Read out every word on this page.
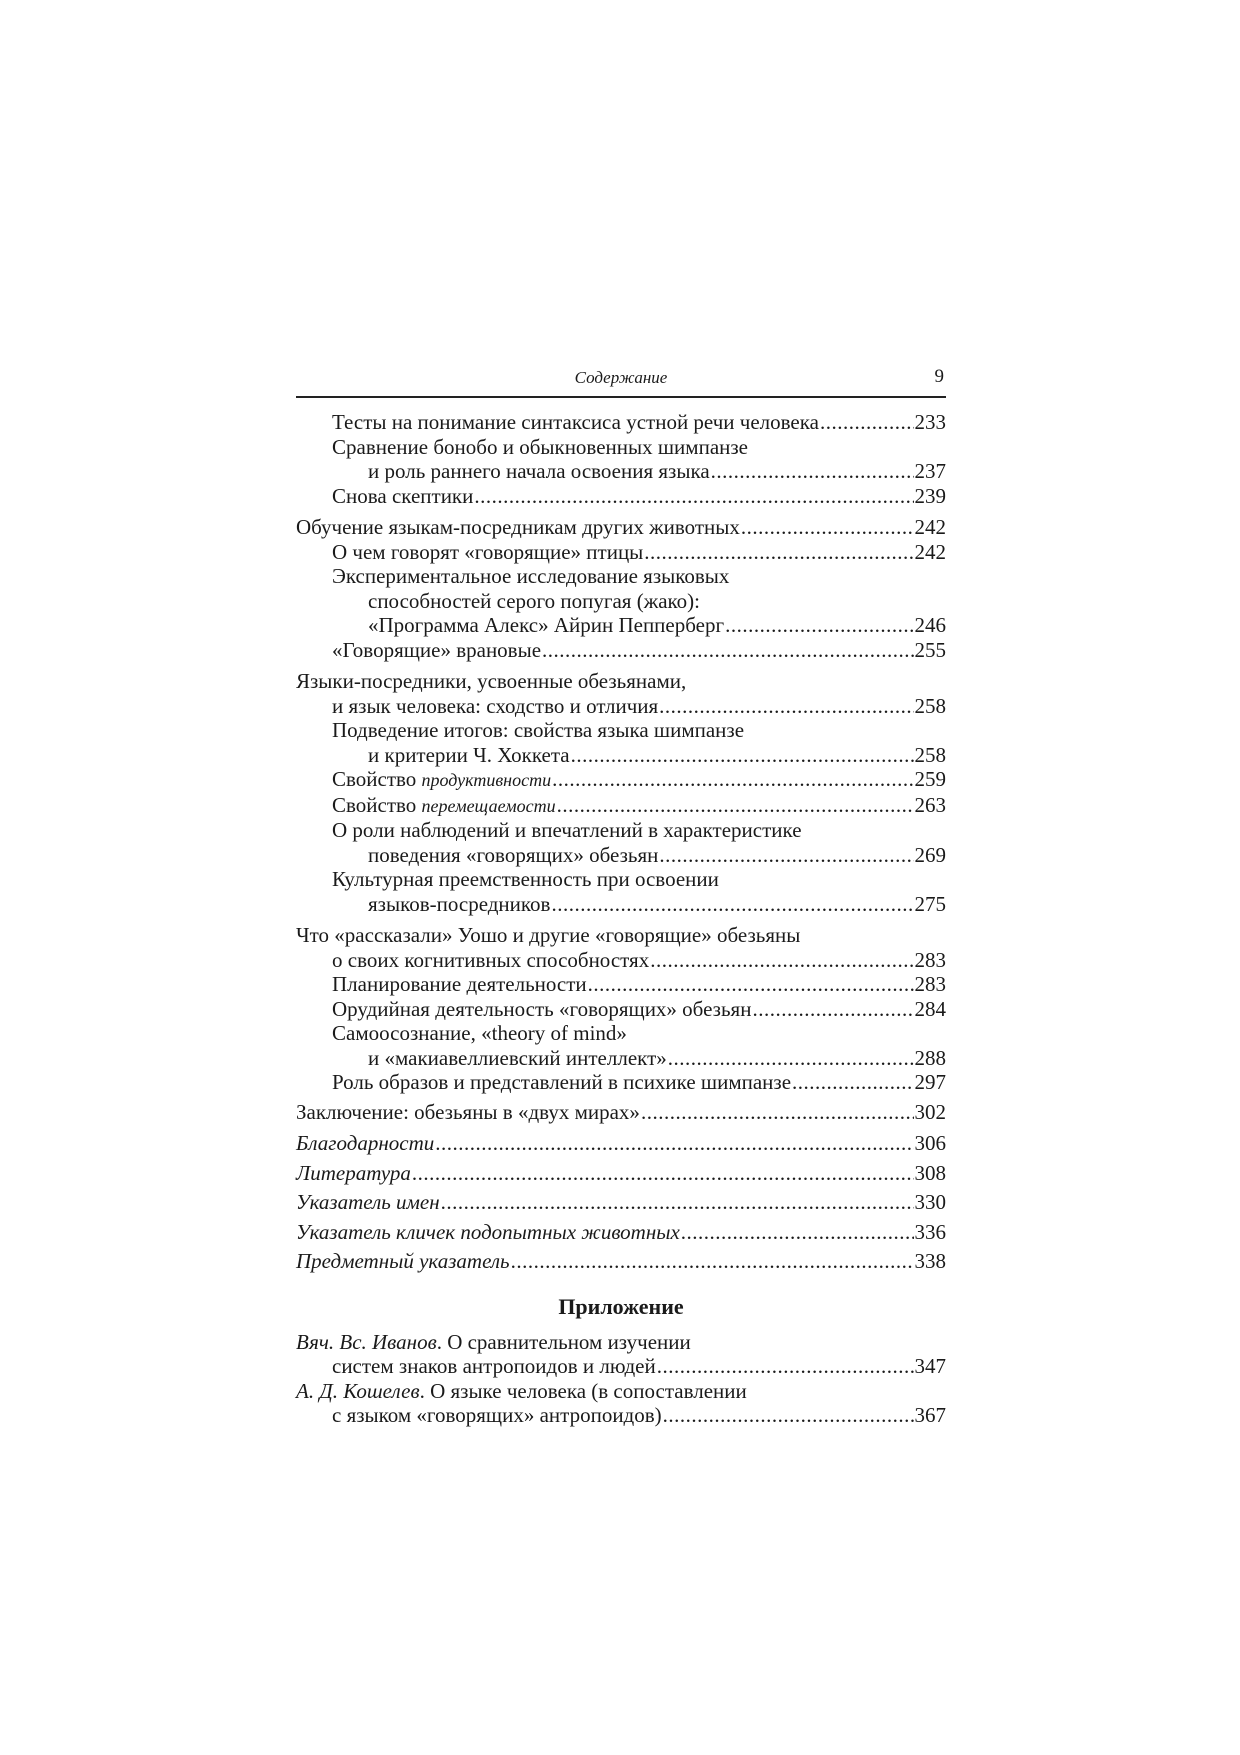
Содержание	9
Тесты на понимание синтаксиса устной речи человека .....	233
Сравнение бонобо и обыкновенных шимпанзе
и роль раннего начала освоения языка .....	237
Снова скептики .....	239
Обучение языкам-посредникам других животных .....	242
О чем говорят «говорящие» птицы .....	242
Экспериментальное исследование языковых
способностей серого попугая (жако):
«Программа Алекс» Айрин Пепперберг .....	246
«Говорящие» врановые .....	255
Языки-посредники, усвоенные обезьянами,
и язык человека: сходство и отличия .....	258
Подведение итогов: свойства языка шимпанзе
и критерии Ч. Хоккета .....	258
Свойство продуктивности .....	259
Свойство перемещаемости .....	263
О роли наблюдений и впечатлений в характеристике
поведения «говорящих» обезьян .....	269
Культурная преемственность при освоении
языков-посредников .....	275
Что «рассказали» Уошо и другие «говорящие» обезьяны
о своих когнитивных способностях .....	283
Планирование деятельности .....	283
Орудийная деятельность «говорящих» обезьян .....	284
Самоосознание, «theory of mind»
и «макиавеллиевский интеллект» .....	288
Роль образов и представлений в психике шимпанзе .....	297
Заключение: обезьяны в «двух мирах» .....	302
Благодарности .....	306
Литература .....	308
Указатель имен .....	330
Указатель кличек подопытных животных .....	336
Предметный указатель .....	338
Приложение
Вяч. Вс. Иванов. О сравнительном изучении
систем знаков антропоидов и людей .....	347
А. Д. Кошелев. О языке человека (в сопоставлении
с языком «говорящих» антропоидов) .....	367
